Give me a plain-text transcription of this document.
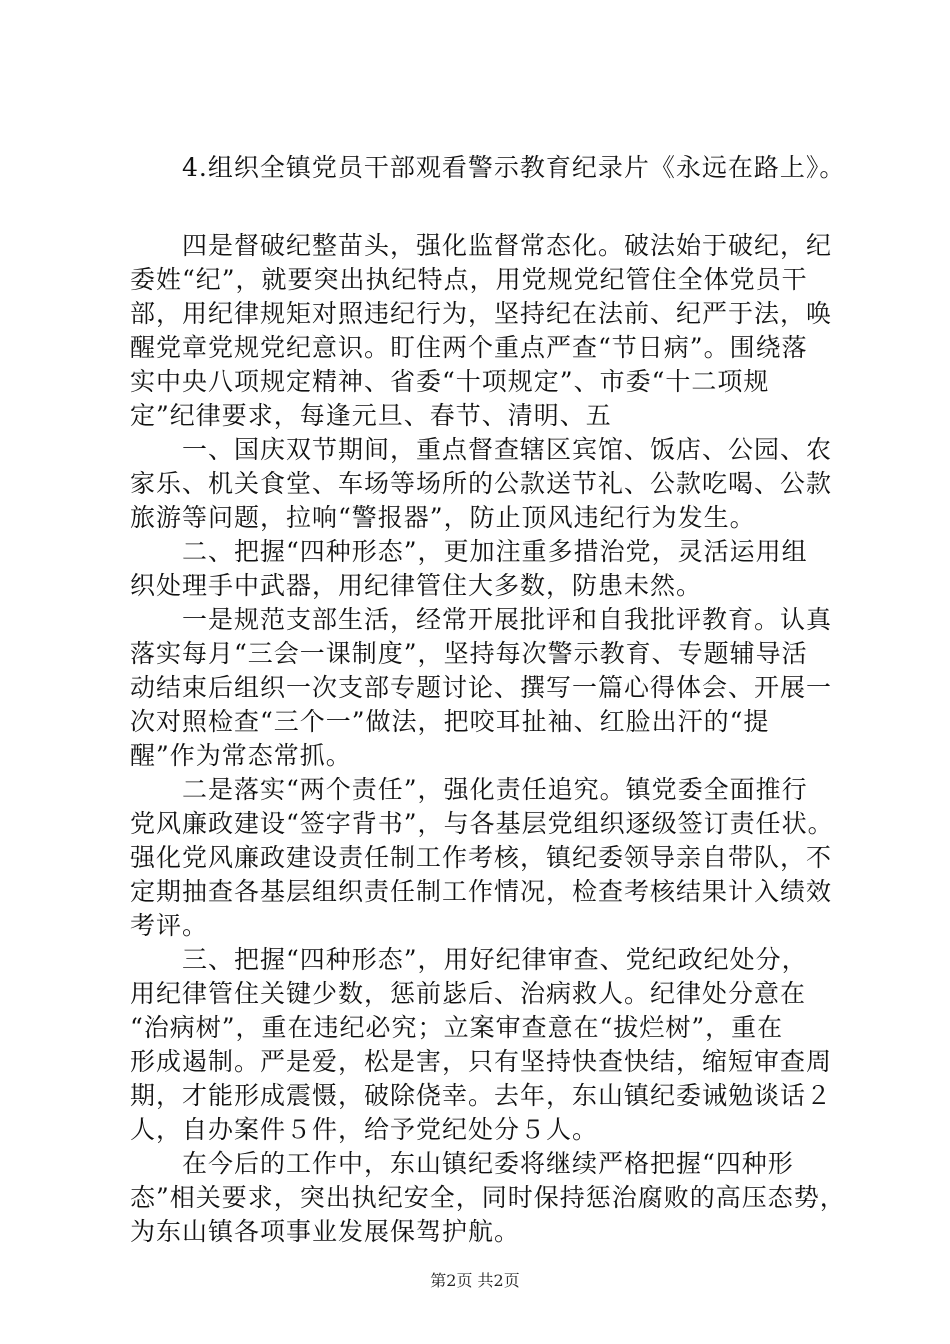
　　4.组织全镇党员干部观看警示教育纪录片《永远在路上》。
　　四是督破纪整苗头，强化监督常态化。破法始于破纪，纪
委姓“纪”，就要突出执纪特点，用党规党纪管住全体党员干
部，用纪律规矩对照违纪行为，坚持纪在法前、纪严于法，唤
醒党章党规党纪意识。盯住两个重点严查“节日病”。围绕落
实中央八项规定精神、省委“十项规定”、市委“十二项规
定”纪律要求，每逢元旦、春节、清明、五
　　一、国庆双节期间，重点督查辖区宾馆、饭店、公园、农
家乐、机关食堂、车场等场所的公款送节礼、公款吃喝、公款
旅游等问题，拉响“警报器”，防止顶风违纪行为发生。
　　二、把握“四种形态”，更加注重多措治党，灵活运用组
织处理手中武器，用纪律管住大多数，防患未然。
　　一是规范支部生活，经常开展批评和自我批评教育。认真
落实每月“三会一课制度”，坚持每次警示教育、专题辅导活
动结束后组织一次支部专题讨论、撰写一篇心得体会、开展一
次对照检查“三个一”做法，把咬耳扯袖、红脸出汗的“提
醒”作为常态常抓。
　　二是落实“两个责任”，强化责任追究。镇党委全面推行
党风廉政建设“签字背书”，与各基层党组织逐级签订责任状。
强化党风廉政建设责任制工作考核，镇纪委领导亲自带队，不
定期抽查各基层组织责任制工作情况，检查考核结果计入绩效
考评。
　　三、把握“四种形态”，用好纪律审查、党纪政纪处分，
用纪律管住关键少数，惩前毖后、治病救人。纪律处分意在
“治病树”，重在违纪必究；立案审查意在“拔烂树”，重在
形成遏制。严是爱，松是害，只有坚持快查快结，缩短审查周
期，才能形成震慑，破除侥幸。去年，东山镇纪委诫勉谈话２
人，自办案件５件，给予党纪处分５人。
　　在今后的工作中，东山镇纪委将继续严格把握“四种形
态”相关要求，突出执纪安全，同时保持惩治腐败的高压态势，
为东山镇各项事业发展保驾护航。
第2页 共2页
